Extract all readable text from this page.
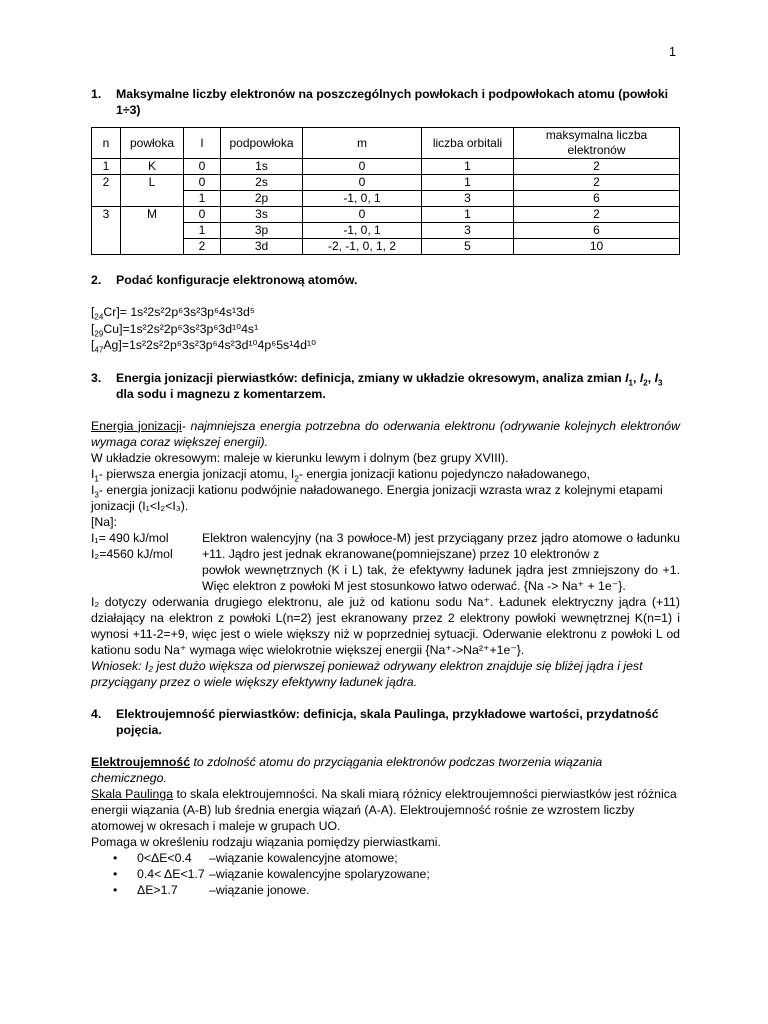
1
1.	Maksymalne liczby elektronów na poszczególnych powłokach i podpowłokach atomu (powłoki 1÷3)
n	powłoka	l	podpowłoka	m	liczba orbitali	maksymalna liczba elektronów
1	K	0	1s	0	1	2
2	L	0	2s	0	1	2
		1	2p	-1, 0, 1	3	6
3	M	0	3s	0	1	2
		1	3p	-1, 0, 1	3	6
		2	3d	-2, -1, 0, 1, 2	5	10
2.	Podać konfiguracje elektronową atomów.

$[_{24}Cr]= 1s^22s^22p^63s^23p^64s^13d^5$

$[_{29}Cu]=1s^22s^22p^63s^23p^63d^{10}4s^1$

$[_{47}Ag]=1s^22s^22p^63s^23p^64s^23d^{10}4p^65s^14d^{10}$

3.	Energia jonizacji pierwiastków: definicja, zmiany w układzie okresowym, analiza zmian $I_1$, $I_2$, $I_3$
dla sodu i magnezu z komentarzem.

Energia jonizacji- najmniejsza energia potrzebna do oderwania elektronu (odrywanie kolejnych elektronów wymaga coraz większej energii).

W układzie okresowym: maleje w kierunku lewym i dolnym (bez grupy XVIII).

$I_1-$ pierwsza energia jonizacji atomu, $I_2-$ energia jonizacji kationu pojedynczo naładowanego,

$I_3-$ energia jonizacji kationu podwójnie naładowanego. Energia jonizacji wzrasta wraz z kolejnymi etapami jonizacji (I₁<I₂<I₃).

[Na]:

I₁= 490 kJ/mol
I₂=4560 kJ/mol
Elektron walencyjny (na 3 powłoce-M) jest przyciągany przez jądro atomowe o ładunku +11. Jądro jest jednak ekranowane(pomniejszane) przez 10 elektronów z

powłok wewnętrznych (K i L) tak, że efektywny ładunek jądra jest zmniejszony do +1. Więc elektron z powłoki M jest stosunkowo łatwo oderwać. {Na -> Na⁺ + 1e⁻}.

I₂ dotyczy oderwania drugiego elektronu, ale już od kationu sodu Na⁺. Ładunek elektryczny jądra (+11) działający na elektron z powłoki L(n=2) jest ekranowany przez 2 elektrony powłoki wewnętrznej K(n=1) i wynosi +11-2=+9, więc jest o wiele większy niż w poprzedniej sytuacji. Oderwanie elektronu z powłoki L od kationu sodu Na⁺ wymaga więc wielokrotnie większej energii {Na⁺->Na²⁺+1e⁻}.

Wniosek: I₂ jest dużo większa od pierwszej ponieważ odrywany elektron znajduje się bliżej jądra i jest przyciągany przez o wiele większy efektywny ładunek jądra.

4.	Elektroujemność pierwiastków: definicja, skala Paulinga, przykładowe wartości, przydatność pojęcia.

Elektroujemność to zdolność atomu do przyciągania elektronów podczas tworzenia wiązania chemicznego.

Skala Paulinga to skala elektroujemności. Na skali miarą różnicy elektroujemności pierwiastków jest różnica energii wiązania (A-B) lub średnia energia wiązań (A-A). Elektroujemność rośnie ze wzrostem liczby atomowej w okresach i maleje w grupach UO.

Pomaga w określeniu rodzaju wiązania pomiędzy pierwiastkami.

•	0<ΔE<0.4	–wiązanie kowalencyjne atomowe;
•	0.4< ΔE<1.7 –wiązanie kowalencyjne spolaryzowane;
•	ΔE>1.7	–wiązanie jonowe.
